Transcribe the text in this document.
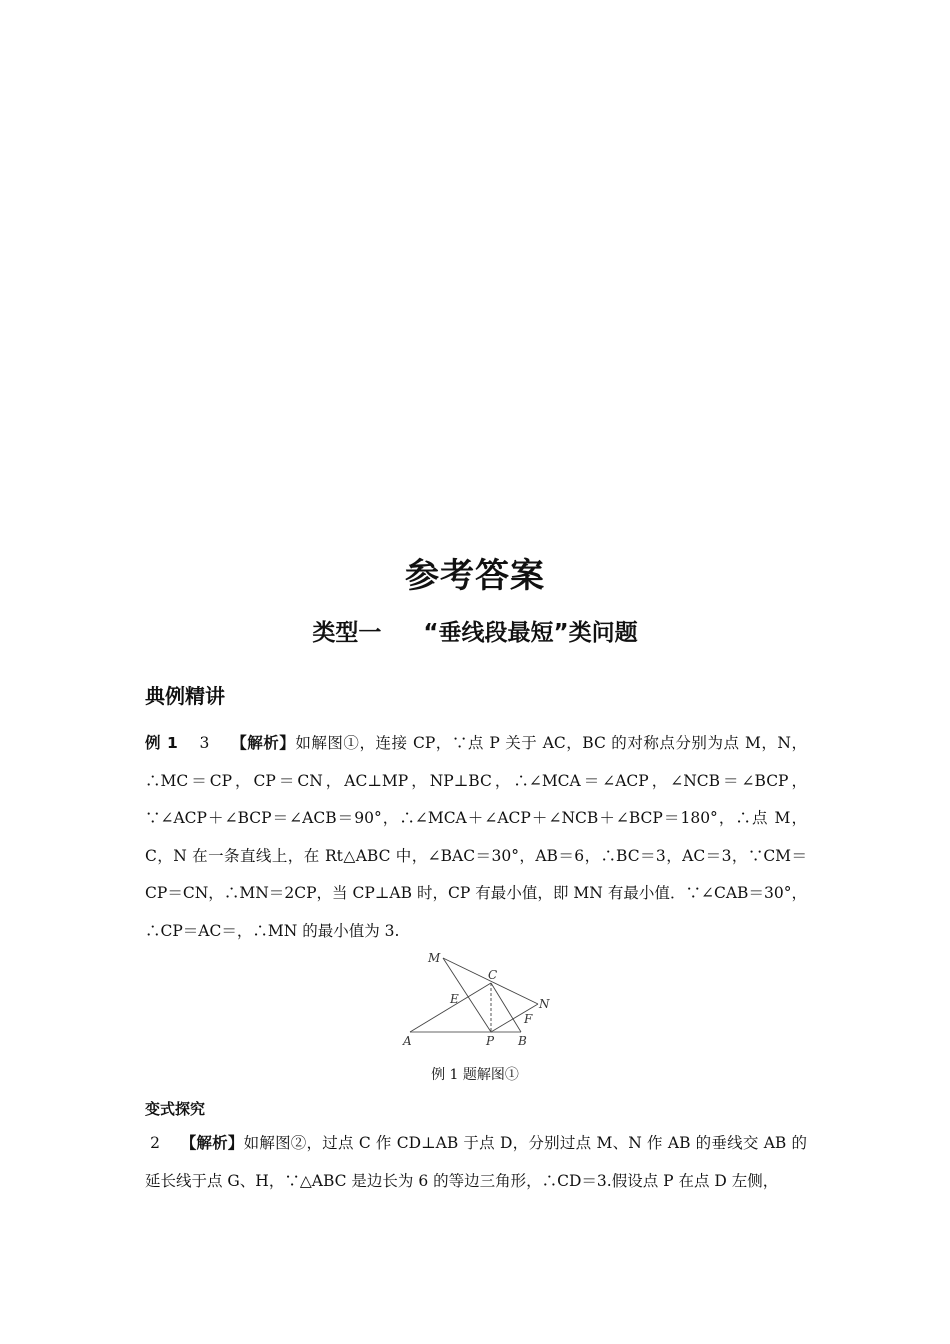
参考答案
类型一 “垂线段最短”类问题
典例精讲
例 1 3 【解析】如解图①，连接 CP，∵点 P 关于 AC，BC 的对称点分别为点 M，N，∴MC＝CP，CP＝CN，AC⊥MP，NP⊥BC，∴∠MCA＝∠ACP，∠NCB＝∠BCP，∵∠ACP＋∠BCP＝∠ACB＝90°，∴∠MCA＋∠ACP＋∠NCB＋∠BCP＝180°，∴点 M，C，N 在一条直线上，在 Rt△ABC 中，∠BAC＝30°，AB＝6，∴BC＝3，AC＝3，∵CM＝CP＝CN，∴MN＝2CP，当 CP⊥AB 时，CP 有最小值，即 MN 有最小值．∵∠CAB＝30°，∴CP＝AC＝，∴MN 的最小值为 3.
M
C
E	N
F
A	P B
例 1 题解图①
变式探究
2 【解析】如解图②，过点 C 作 CD⊥AB 于点 D，分别过点 M、N 作 AB 的垂线交 AB 的延长线于点 G、H，∵△ABC 是边长为 6 的等边三角形，∴CD＝3.假设点 P 在点 D 左侧，
